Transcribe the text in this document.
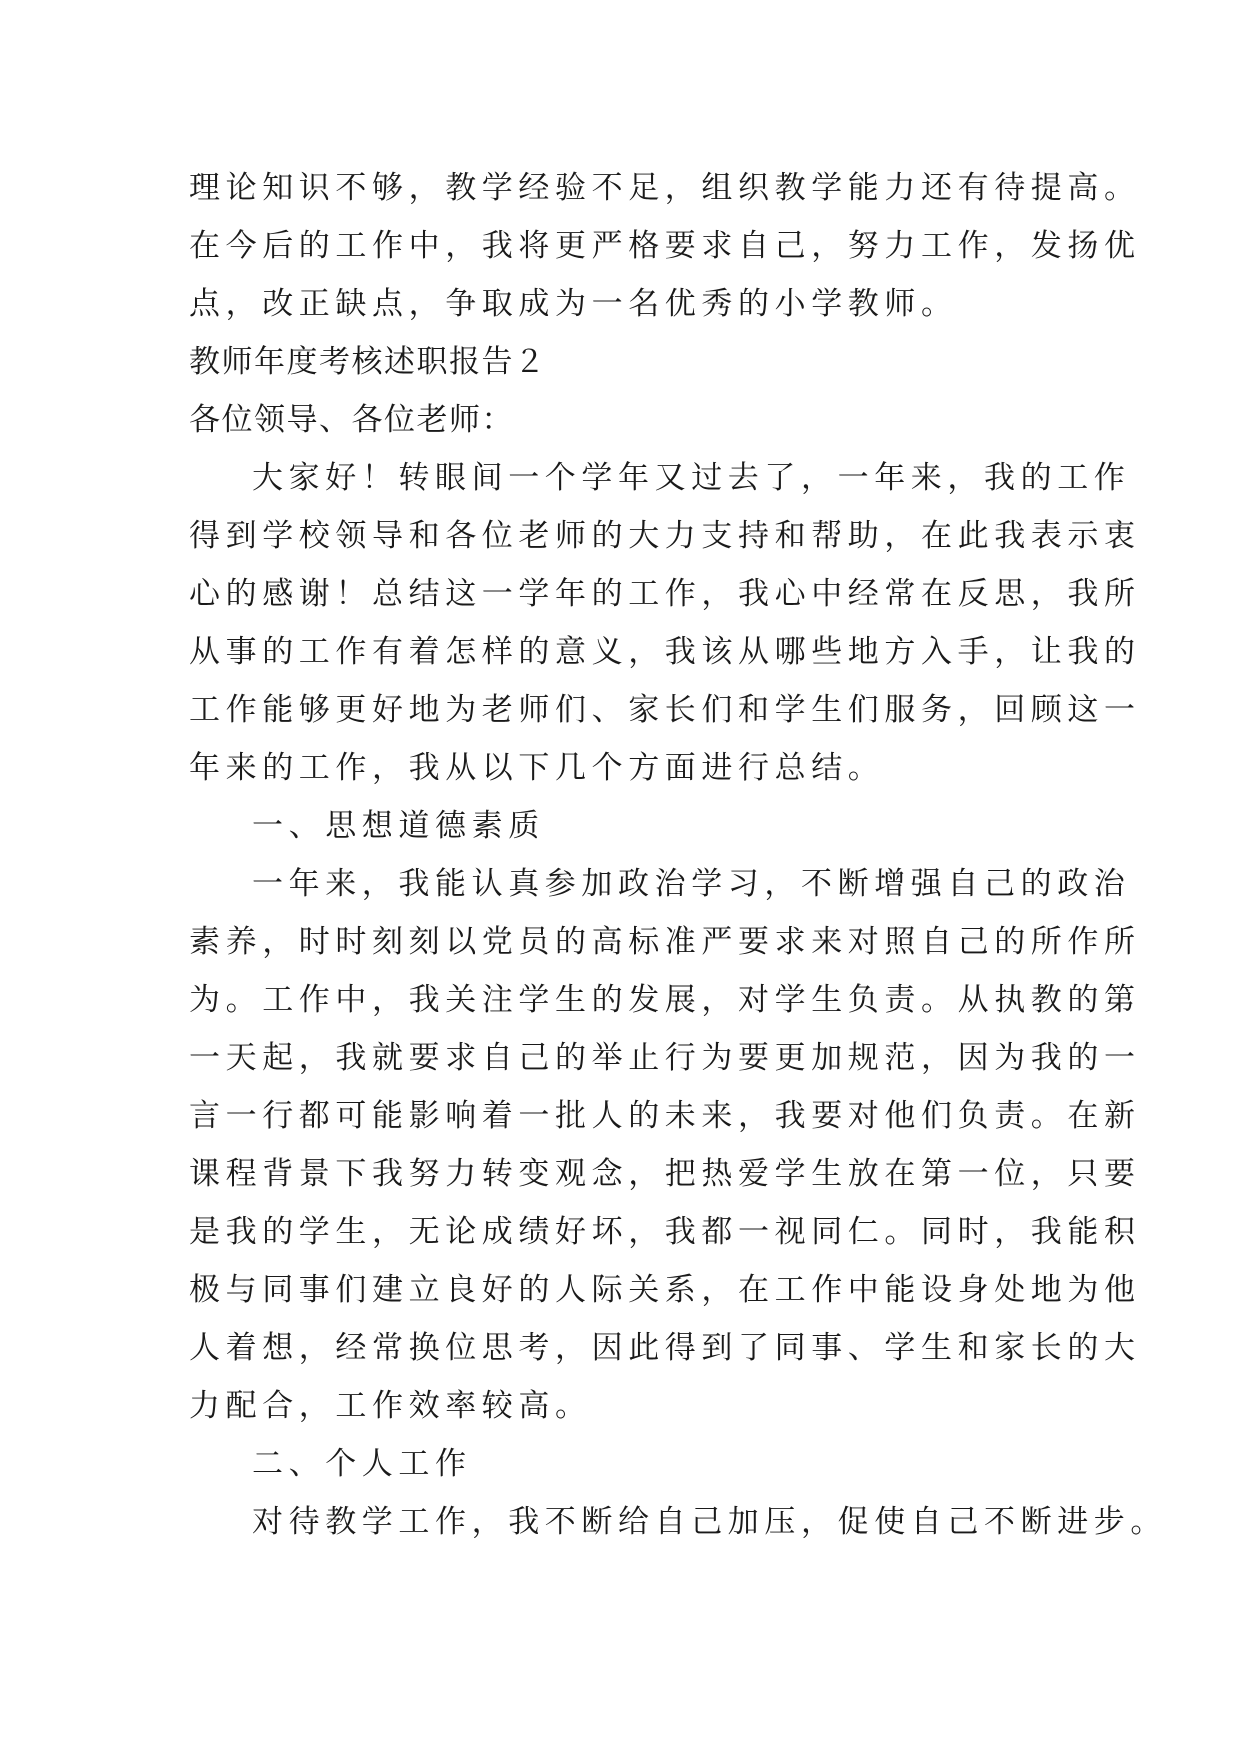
理论知识不够，教学经验不足，组织教学能力还有待提高。
在今后的工作中，我将更严格要求自己，努力工作，发扬优
点，改正缺点，争取成为一名优秀的小学教师。
教师年度考核述职报告２
各位领导、各位老师：
大家好！转眼间一个学年又过去了，一年来，我的工作
得到学校领导和各位老师的大力支持和帮助，在此我表示衷
心的感谢！总结这一学年的工作，我心中经常在反思，我所
从事的工作有着怎样的意义，我该从哪些地方入手，让我的
工作能够更好地为老师们、家长们和学生们服务，回顾这一
年来的工作，我从以下几个方面进行总结。
一、思想道德素质
一年来，我能认真参加政治学习，不断增强自己的政治
素养，时时刻刻以党员的高标准严要求来对照自己的所作所
为。工作中，我关注学生的发展，对学生负责。从执教的第
一天起，我就要求自己的举止行为要更加规范，因为我的一
言一行都可能影响着一批人的未来，我要对他们负责。在新
课程背景下我努力转变观念，把热爱学生放在第一位，只要
是我的学生，无论成绩好坏，我都一视同仁。同时，我能积
极与同事们建立良好的人际关系，在工作中能设身处地为他
人着想，经常换位思考，因此得到了同事、学生和家长的大
力配合，工作效率较高。
二、个人工作
对待教学工作，我不断给自己加压，促使自己不断进步。
